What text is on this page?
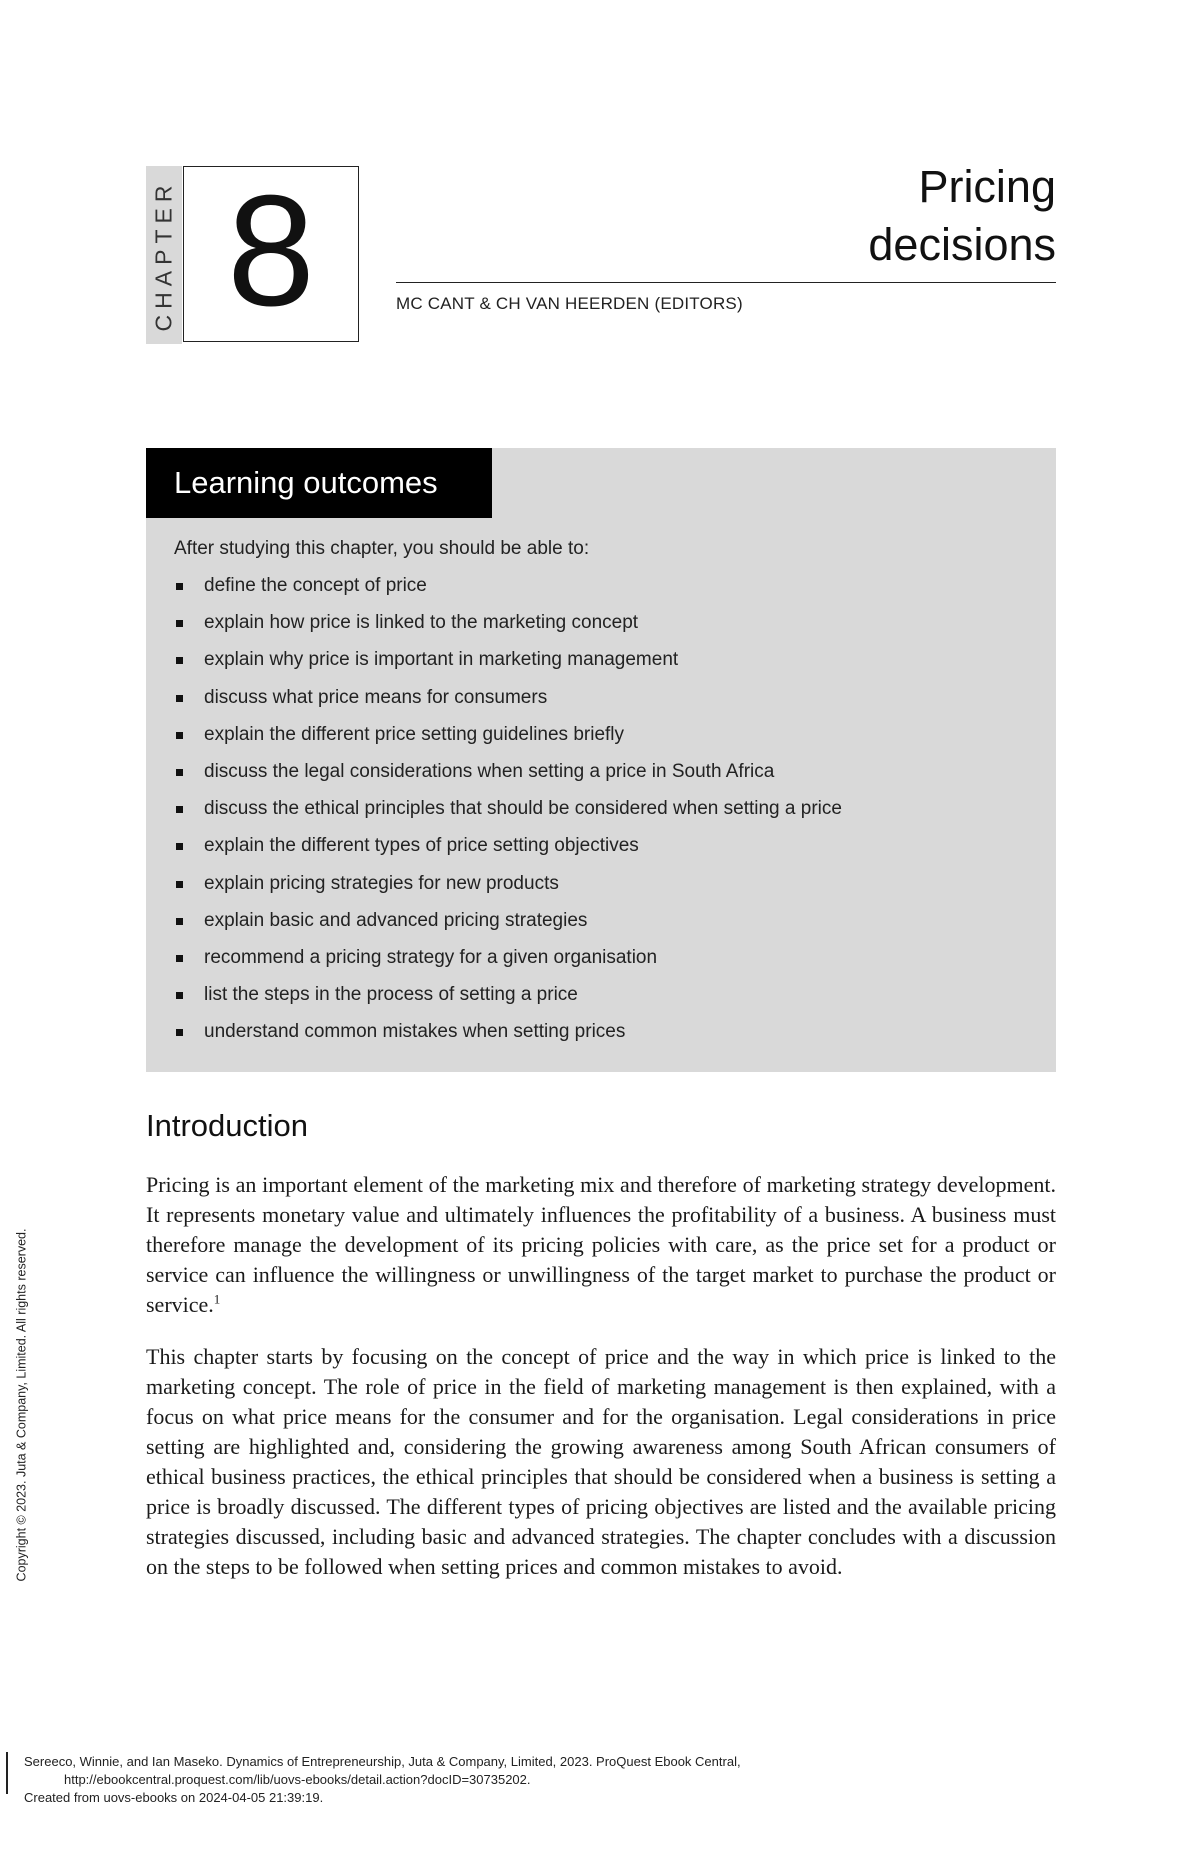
CHAPTER 8	Pricing
decisions
MC CANT & CH VAN HEERDEN (EDITORS)
Learning outcomes
After studying this chapter, you should be able to:
define the concept of price
explain how price is linked to the marketing concept
explain why price is important in marketing management
discuss what price means for consumers
explain the different price setting guidelines briefly
discuss the legal considerations when setting a price in South Africa
discuss the ethical principles that should be considered when setting a price
explain the different types of price setting objectives
explain pricing strategies for new products
explain basic and advanced pricing strategies
recommend a pricing strategy for a given organisation
list the steps in the process of setting a price
understand common mistakes when setting prices
Introduction

Pricing is an important element of the marketing mix and therefore of marketing strategy development. It represents monetary value and ultimately influences the profitability of a business. A business must therefore manage the development of its pricing policies with care, as the price set for a product or service can influence the willingness or unwillingness of the target market to purchase the product or service.$^1$

This chapter starts by focusing on the concept of price and the way in which price is linked to the marketing concept. The role of price in the field of marketing management is then explained, with a focus on what price means for the consumer and for the organisation. Legal considerations in price setting are highlighted and, considering the growing awareness among South African consumers of ethical business practices, the ethical principles that should be considered when a business is setting a price is broadly discussed. The different types of pricing objectives are listed and the available pricing strategies discussed, including basic and advanced strategies. The chapter concludes with a discussion on the steps to be followed when setting prices and common mistakes to avoid.

Copyright © 2023. Juta & Company, Limited. All rights reserved.
Sereeco, Winnie, and Ian Maseko. Dynamics of Entrepreneurship, Juta & Company, Limited, 2023. ProQuest Ebook Central,
http://ebookcentral.proquest.com/lib/uovs-ebooks/detail.action?docID=30735202.
Created from uovs-ebooks on 2024-04-05 21:39:19.
